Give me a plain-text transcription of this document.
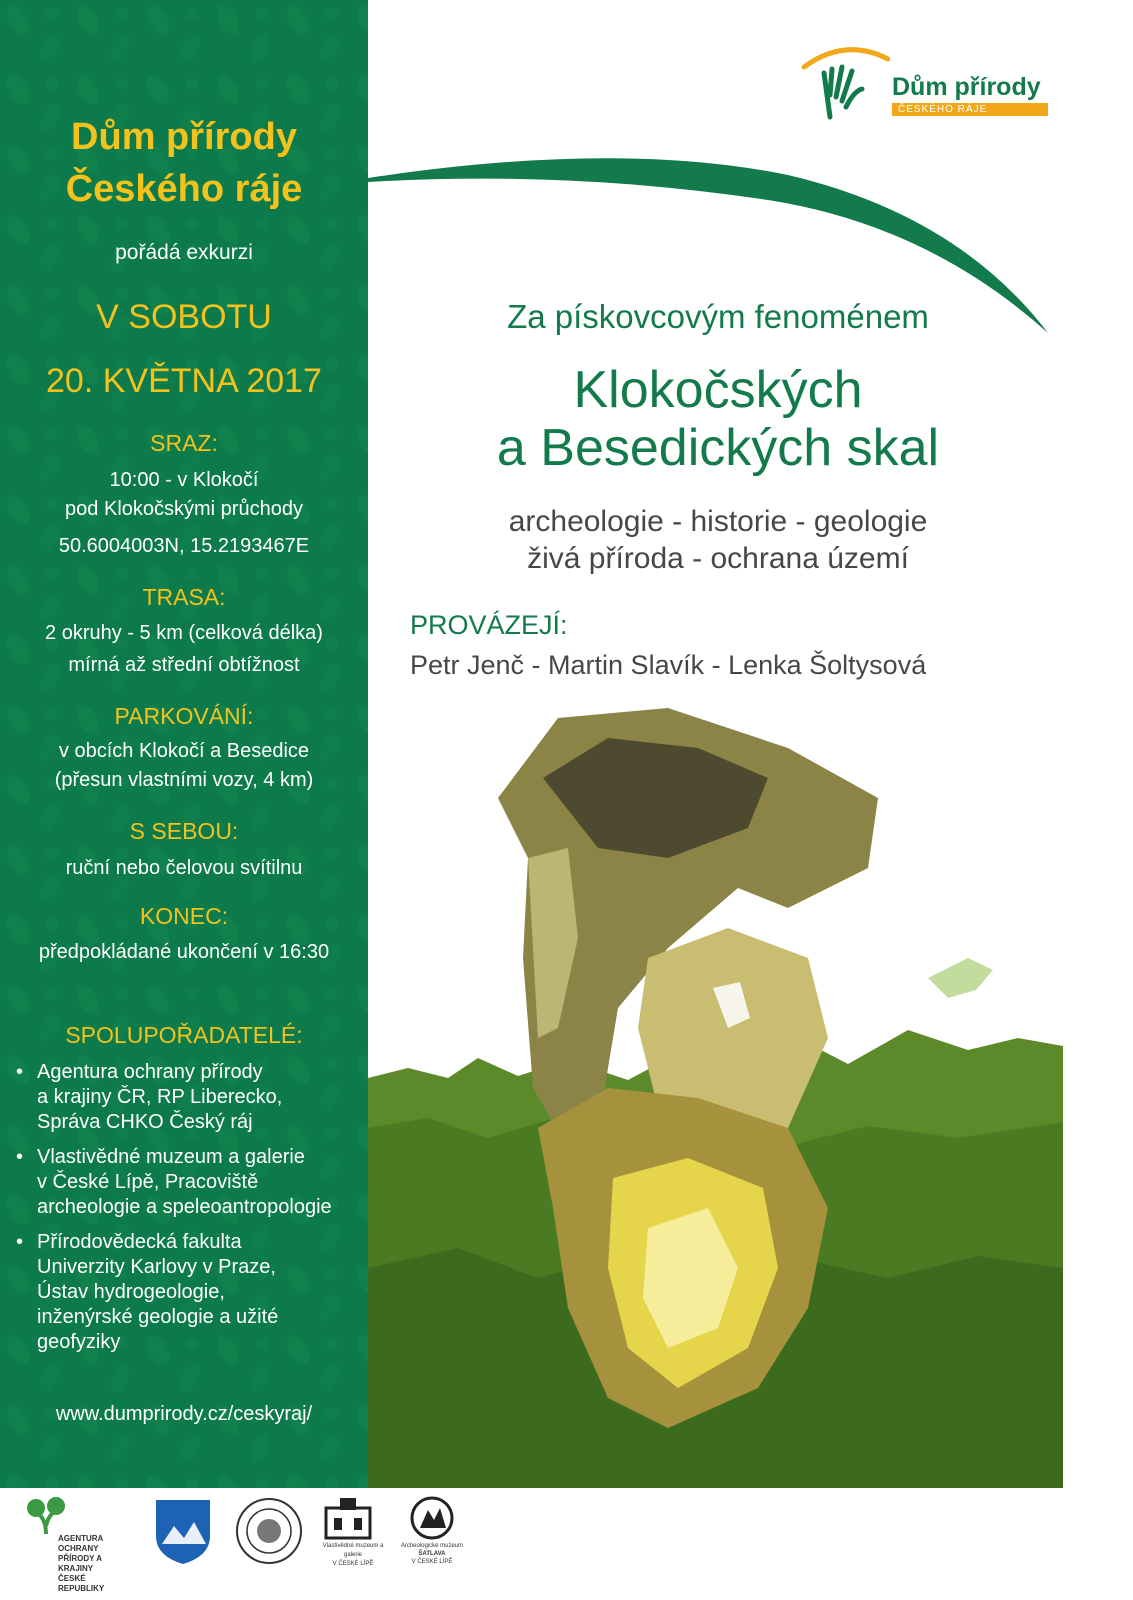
Dům přírody
Českého ráje
pořádá exkurzi
V SOBOTU
20. KVĚTNA 2017
SRAZ:
10:00 - v Klokočí
pod Klokočskými průchody
50.6004003N, 15.2193467E
TRASA:
2 okruhy - 5 km (celková délka)
mírná až střední obtížnost
PARKOVÁNÍ:
v obcích Klokočí a Besedice
(přesun vlastními vozy, 4 km)
S SEBOU:
ruční nebo čelovou svítilnu
KONEC:
předpokládané ukončení v 16:30
SPOLUPOŘADATELÉ:
• Agentura ochrany přírody
a krajiny ČR, RP Liberecko,
Správa CHKO Český ráj
• Vlastivědné muzeum a galerie
v České Lípě, Pracoviště
archeologie a speleoantropologie
• Přírodovědecká fakulta
Univerzity Karlovy v Praze,
Ústav hydrogeologie,
inženýrské geologie a užité
geofyziky
www.dumprirody.cz/ceskyraj/
Dům přírody
ČESKÉHO RÁJE
Za pískovcovým fenoménem
Klokočských
a Besedických skal
archeologie - historie - geologie
živá příroda - ochrana území
PROVÁZEJÍ:
Petr Jenč - Martin Slavík - Lenka Šoltysová
AGENTURA OCHRANY
PŘÍRODY A KRAJINY
ČESKÉ REPUBLIKY
Vlastivědné muzeum a galerie
V ČESKÉ LÍPĚ
Archeologické muzeum
ŠATLAVA
V ČESKÉ LÍPĚ
